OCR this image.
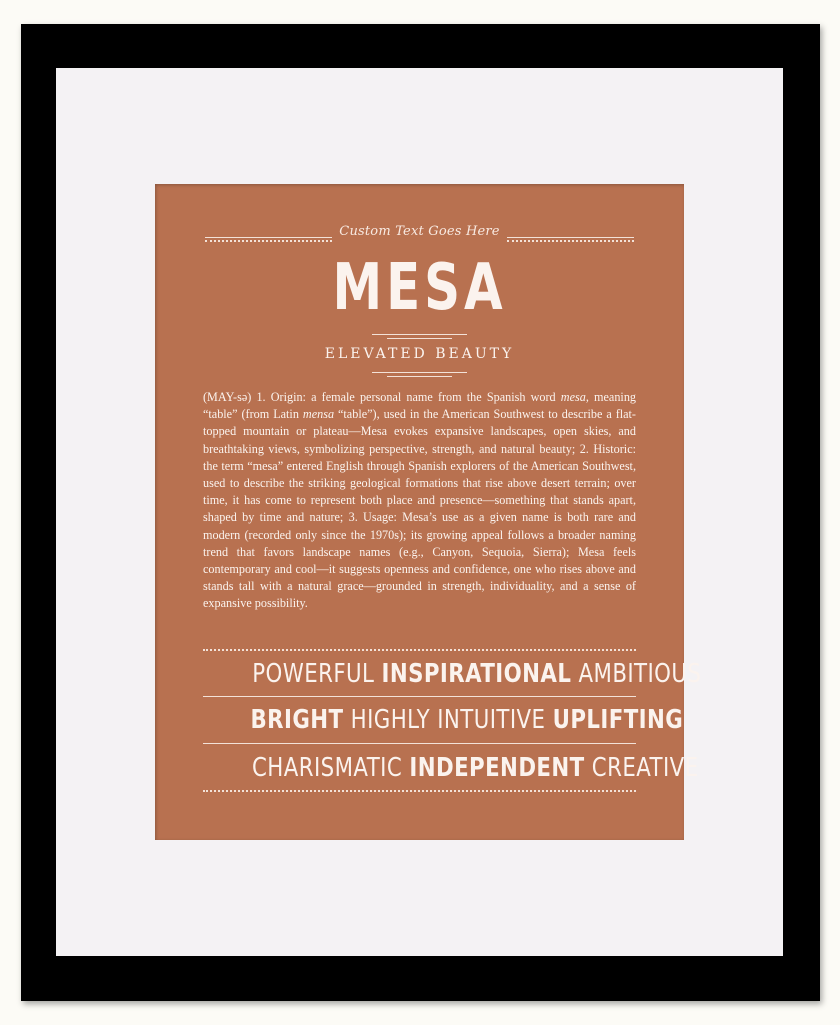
Custom Text Goes Here
MESA
ELEVATED BEAUTY
(MAY-sə) 1. Origin: a female personal name from the Spanish word mesa, meaning “table” (from Latin mensa “table”), used in the American Southwest to describe a flat-topped mountain or plateau—Mesa evokes expansive landscapes, open skies, and breathtaking views, symbolizing perspective, strength, and natural beauty; 2. Historic: the term “mesa” entered English through Spanish explorers of the American Southwest, used to describe the striking geological formations that rise above desert terrain; over time, it has come to represent both place and presence—something that stands apart, shaped by time and nature; 3. Usage: Mesa’s use as a given name is both rare and modern (recorded only since the 1970s); its growing appeal follows a broader naming trend that favors landscape names (e.g., Canyon, Sequoia, Sierra); Mesa feels contemporary and cool—it suggests openness and confidence, one who rises above and stands tall with a natural grace—grounded in strength, individuality, and a sense of expansive possibility.
POWERFUL INSPIRATIONAL AMBITIOUS
BRIGHT HIGHLY INTUITIVE UPLIFTING
CHARISMATIC INDEPENDENT CREATIVE
